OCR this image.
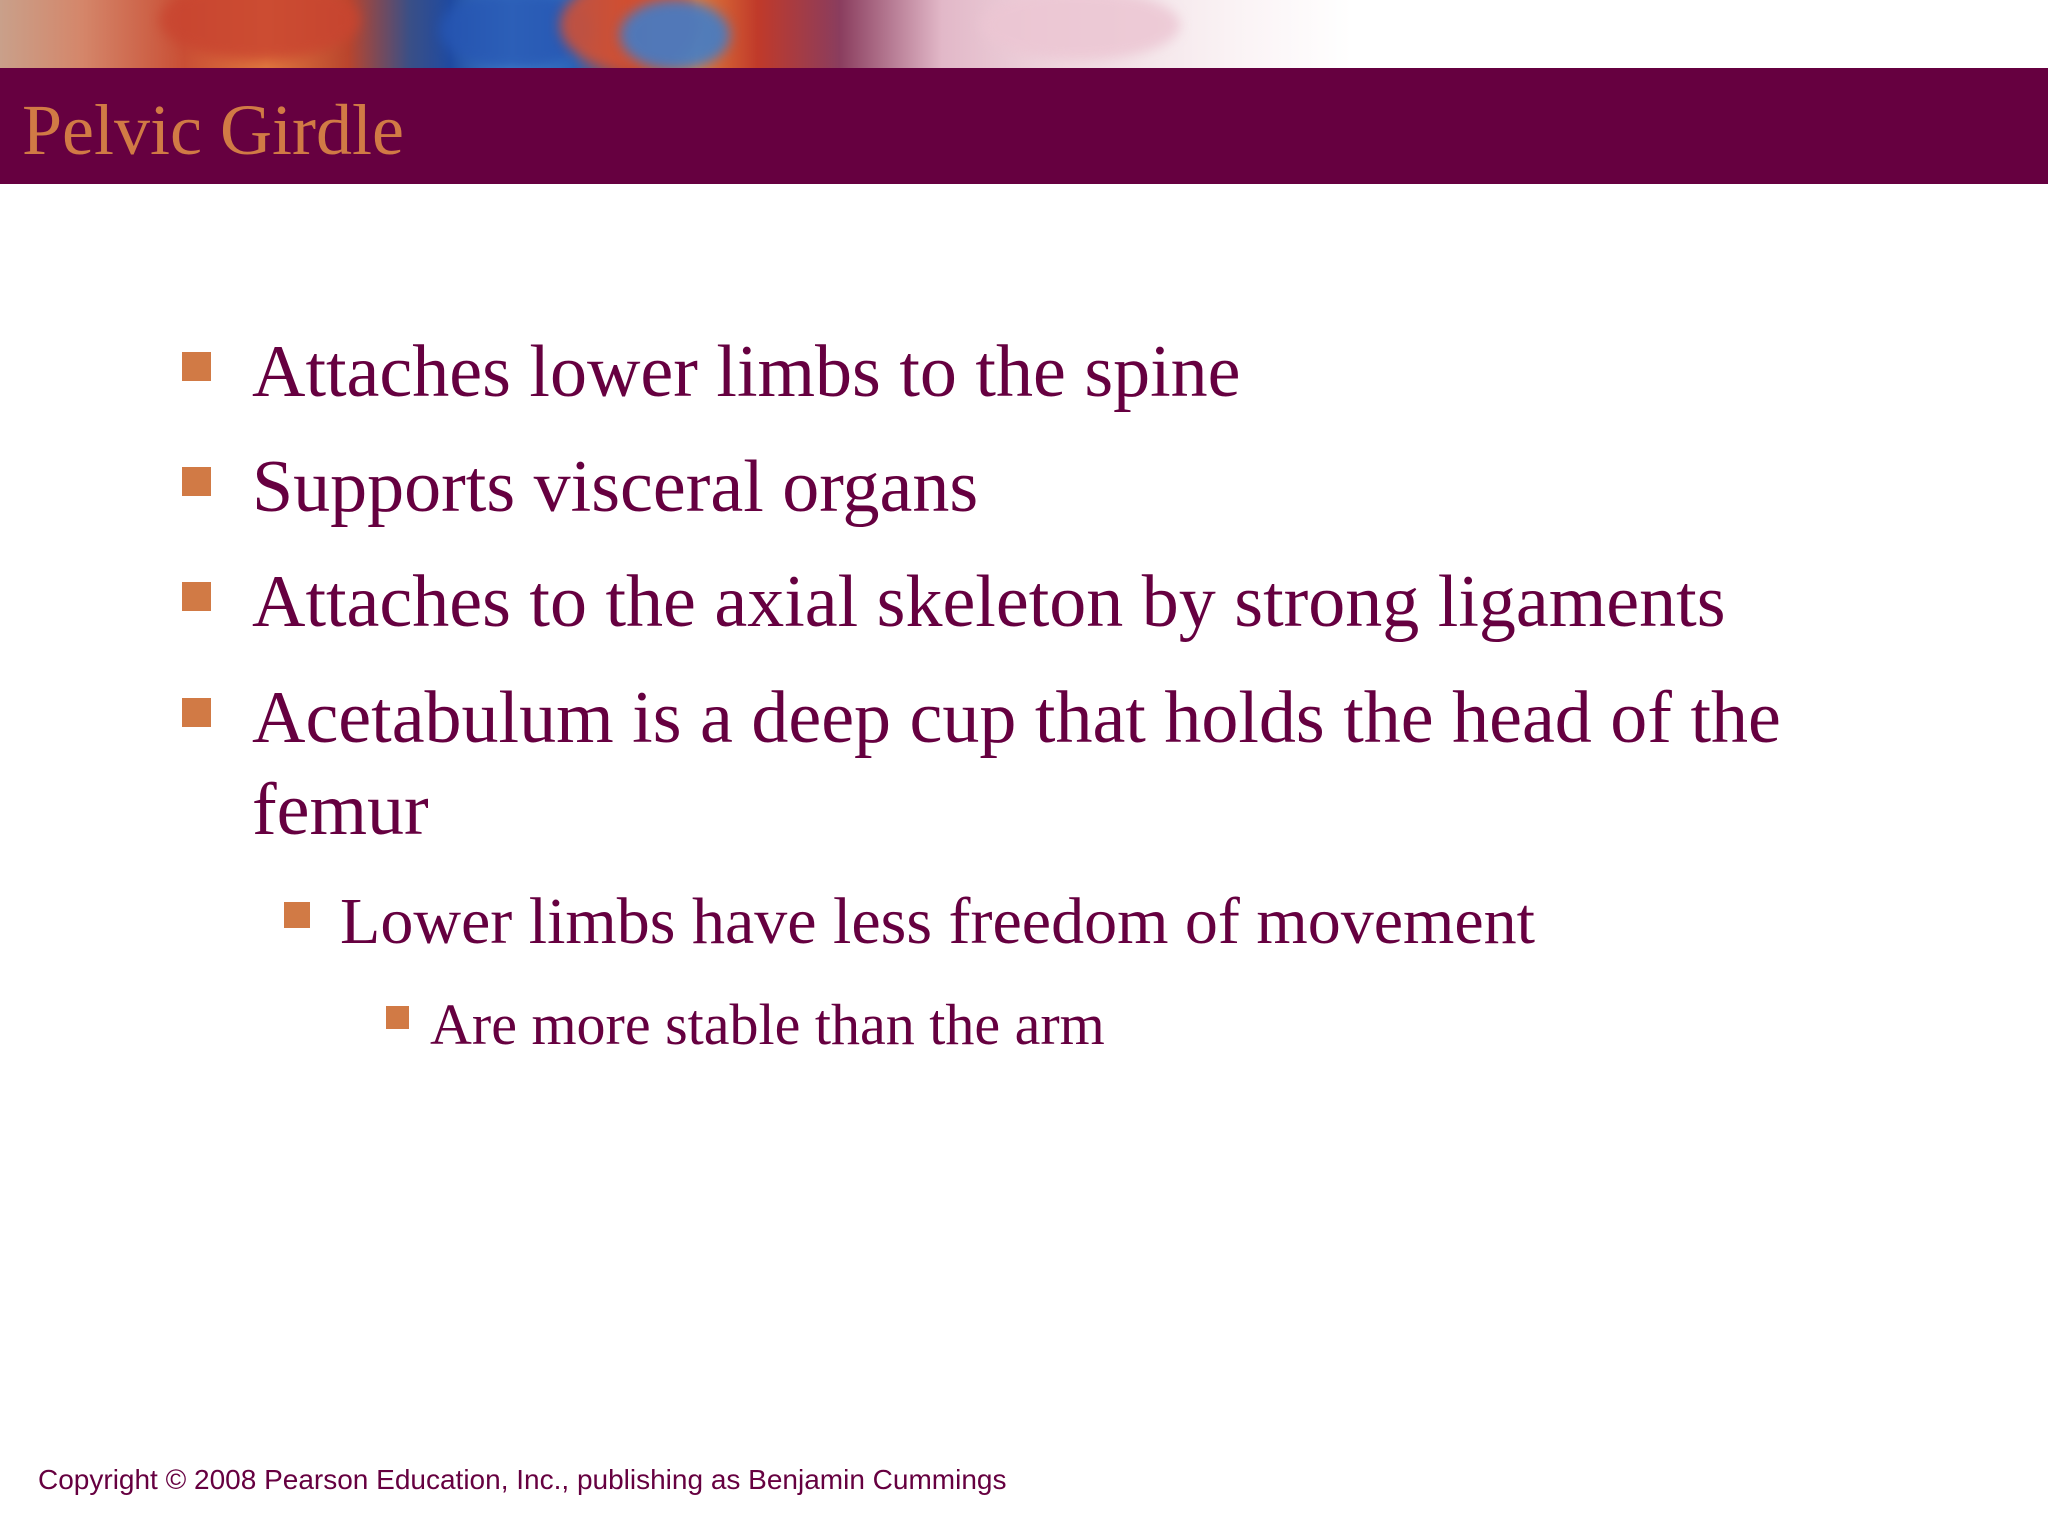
Pelvic Girdle
Attaches lower limbs to the spine
Supports visceral organs
Attaches to the axial skeleton by strong ligaments
Acetabulum is a deep cup that holds the head of the femur
Lower limbs have less freedom of movement
Are more stable than the arm
Copyright © 2008 Pearson Education, Inc., publishing as Benjamin Cummings
